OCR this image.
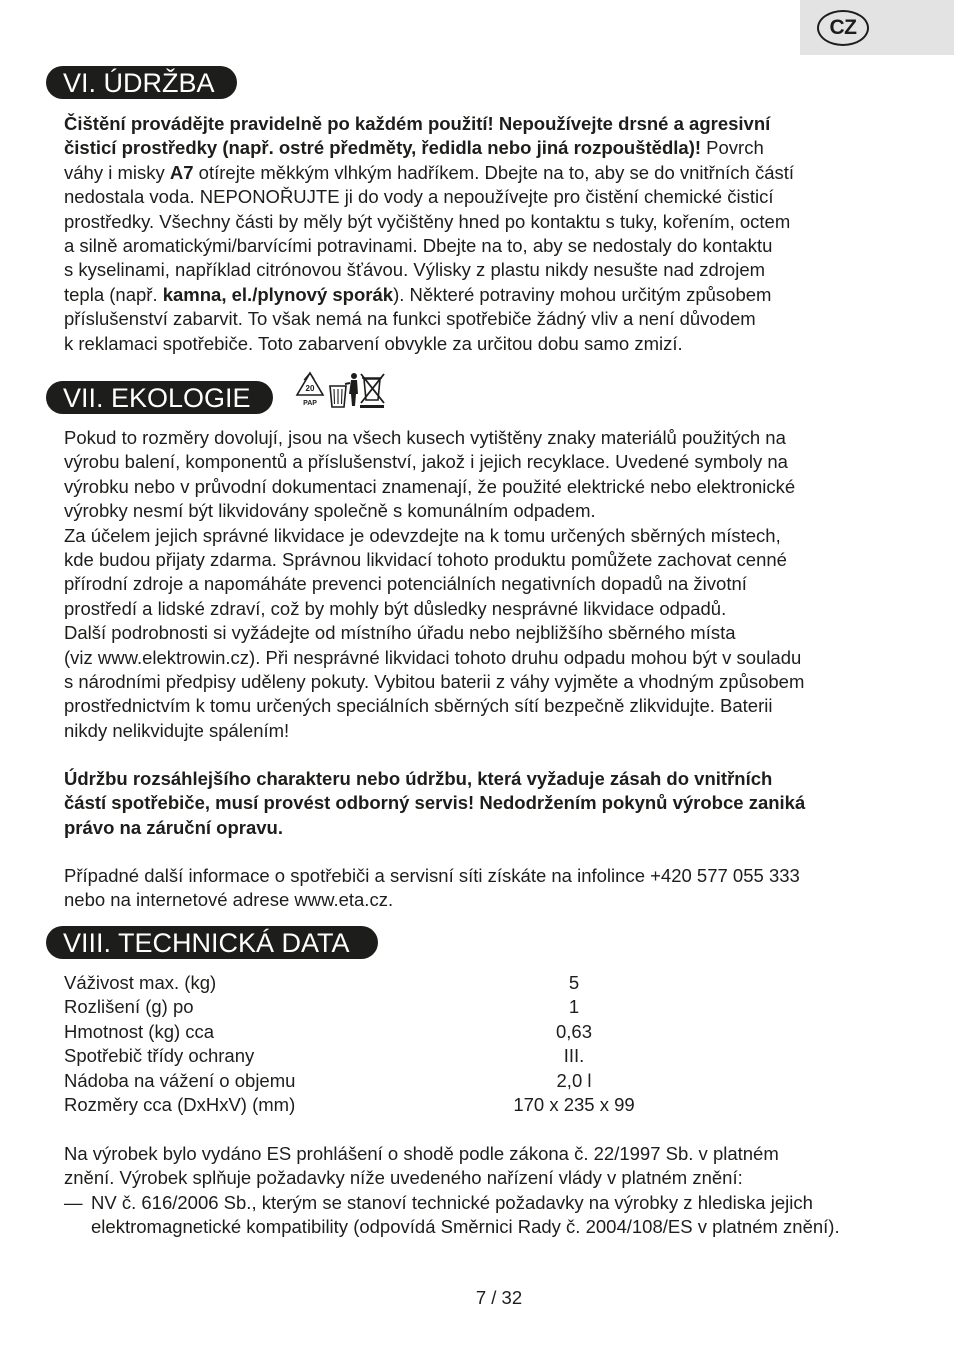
CZ
VI. ÚDRŽBA

Čištění provádějte pravidelně po každém použití! Nepoužívejte drsné a agresivní
čisticí prostředky (např. ostré předměty, ředidla nebo jiná rozpouštědla)! Povrch
váhy i misky A7 otírejte měkkým vlhkým hadříkem. Dbejte na to, aby se do vnitřních částí
nedostala voda. NEPONOŘUJTE ji do vody a nepoužívejte pro čistění chemické čisticí
prostředky. Všechny části by měly být vyčištěny hned po kontaktu s tuky, kořením, octem
a silně aromatickými/barvícími potravinami. Dbejte na to, aby se nedostaly do kontaktu
s kyselinami, například citrónovou šťávou. Výlisky z plastu nikdy nesušte nad zdrojem
tepla (např. kamna, el./plynový sporák). Některé potraviny mohou určitým způsobem
příslušenství zabarvit. To však nemá na funkci spotřebiče žádný vliv a není důvodem
k reklamaci spotřebiče. Toto zabarvení obvykle za určitou dobu samo zmizí.

VII. EKOLOGIE	20
PAP

Pokud to rozměry dovolují, jsou na všech kusech vytištěny znaky materiálů použitých na
výrobu balení, komponentů a příslušenství, jakož i jejich recyklace. Uvedené symboly na
výrobku nebo v průvodní dokumentaci znamenají, že použité elektrické nebo elektronické
výrobky nesmí být likvidovány společně s komunálním odpadem.
Za účelem jejich správné likvidace je odevzdejte na k tomu určených sběrných místech,
kde budou přijaty zdarma. Správnou likvidací tohoto produktu pomůžete zachovat cenné
přírodní zdroje a napomáháte prevenci potenciálních negativních dopadů na životní
prostředí a lidské zdraví, což by mohly být důsledky nesprávné likvidace odpadů.
Další podrobnosti si vyžádejte od místního úřadu nebo nejbližšího sběrného místa
(viz www.elektrowin.cz). Při nesprávné likvidaci tohoto druhu odpadu mohou být v souladu
s národními předpisy uděleny pokuty. Vybitou baterii z váhy vyjměte a vhodným způsobem
prostřednictvím k tomu určených speciálních sběrných sítí bezpečně zlikvidujte. Baterii
nikdy nelikvidujte spálením!

Údržbu rozsáhlejšího charakteru nebo údržbu, která vyžaduje zásah do vnitřních
částí spotřebiče, musí provést odborný servis! Nedodržením pokynů výrobce zaniká
právo na záruční opravu.

Případné další informace o spotřebiči a servisní síti získáte na infolince +420 577 055 333
nebo na internetové adrese www.eta.cz.

VIII. TECHNICKÁ DATA
Váživost max. (kg)	5
Rozlišení (g) po	1
Hmotnost (kg) cca	0,63
Spotřebič třídy ochrany	III.
Nádoba na vážení o objemu	2,0 l
Rozměry cca (DxHxV) (mm)	170 x 235 x 99

Na výrobek bylo vydáno ES prohlášení o shodě podle zákona č. 22/1997 Sb. v platném
znění. Výrobek splňuje požadavky níže uvedeného nařízení vlády v platném znění:

— NV č. 616/2006 Sb., kterým se stanoví technické požadavky na výrobky z hlediska jejich elektromagnetické kompatibility (odpovídá Směrnici Rady č. 2004/108/ES v platném znění).

7 / 32
